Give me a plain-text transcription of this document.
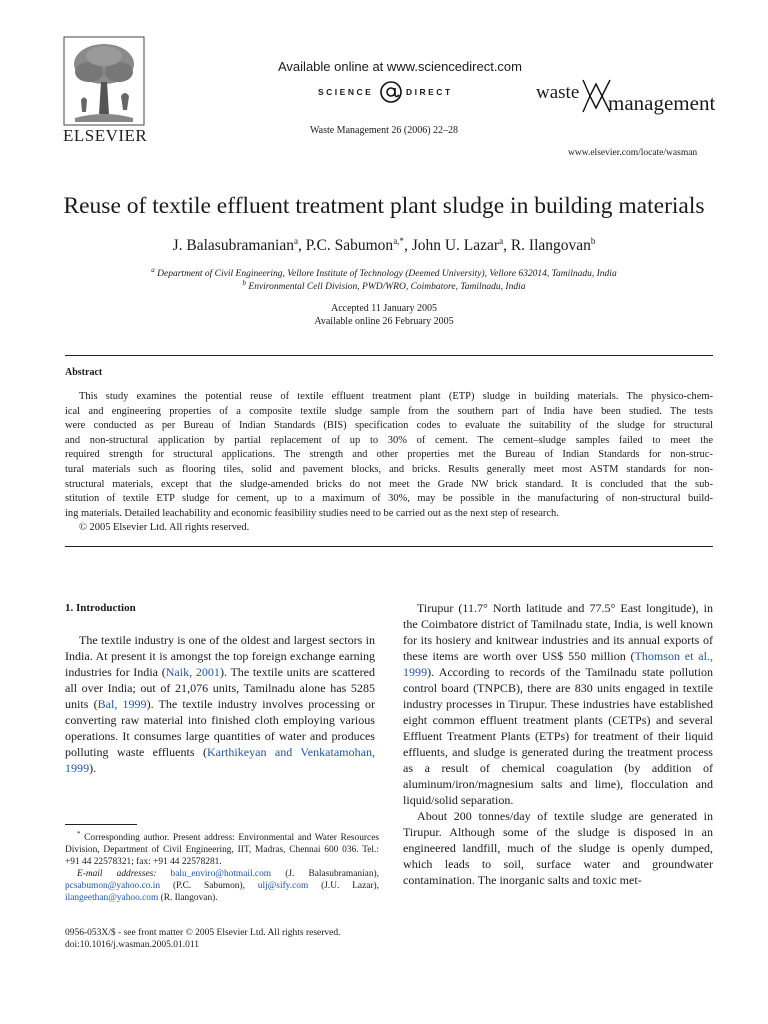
ELSEVIER
Available online at www.sciencedirect.com
SCIENCE	DIRECT
Waste Management 26 (2006) 22–28
waste management
www.elsevier.com/locate/wasman
Reuse of textile effluent treatment plant sludge in building materials
J. Balasubramanian$^a$, P.C. Sabumon$^{a,*}$, John U. Lazar$^a$, R. Ilangovan$^b$
$^a$ Department of Civil Engineering, Vellore Institute of Technology (Deemed University), Vellore 632014, Tamilnadu, India
$^b$ Environmental Cell Division, PWD/WRO, Coimbatore, Tamilnadu, India
Accepted 11 January 2005
Available online 26 February 2005
Abstract
This study examines the potential reuse of textile effluent treatment plant (ETP) sludge in building materials. The physico-chem-
ical and engineering properties of a composite textile sludge sample from the southern part of India have been studied. The tests
were conducted as per Bureau of Indian Standards (BIS) specification codes to evaluate the suitability of the sludge for structural
and non-structural application by partial replacement of up to 30% of cement. The cement–sludge samples failed to meet the
required strength for structural applications. The strength and other properties met the Bureau of Indian Standards for non-struc-
tural materials such as flooring tiles, solid and pavement blocks, and bricks. Results generally meet most ASTM standards for non-
structural materials, except that the sludge-amended bricks do not meet the Grade NW brick standard. It is concluded that the sub-
stitution of textile ETP sludge for cement, up to a maximum of 30%, may be possible in the manufacturing of non-structural build-
ing materials. Detailed leachability and economic feasibility studies need to be carried out as the next step of research.
© 2005 Elsevier Ltd. All rights reserved.
1. Introduction

The textile industry is one of the oldest and largest sectors in India. At present it is amongst the top foreign exchange earning industries for India (Naik, 2001). The textile units are scattered all over India; out of 21,076 units, Tamilnadu alone has 5285 units (Bal, 1999). The textile industry involves processing or converting raw material into finished cloth employing various operations. It consumes large quantities of water and produces polluting waste effluents (Karthikeyan and Venkatamohan, 1999).

* Corresponding author. Present address: Environmental and Water Resources Division, Department of Civil Engineering, IIT, Madras, Chennai 600 036. Tel.: +91 44 22578321; fax: +91 44 22578281.
E-mail addresses: balu_enviro@hotmail.com (J. Balasubramanian), pcsabumon@yahoo.co.in (P.C. Sabumon), ulj@sify.com (J.U. Lazar), ilangeethan@yahoo.com (R. Ilangovan).
0956-053X/$ - see front matter © 2005 Elsevier Ltd. All rights reserved.
doi:10.1016/j.wasman.2005.01.011

Tirupur (11.7° North latitude and 77.5° East longitude), in the Coimbatore district of Tamilnadu state, India, is well known for its hosiery and knitwear industries and its annual exports of these items are worth over US$ 550 million (Thomson et al., 1999). According to records of the Tamilnadu state pollution control board (TNPCB), there are 830 units engaged in textile industry processes in Tirupur. These industries have established eight common effluent treatment plants (CETPs) and several Effluent Treatment Plants (ETPs) for treatment of their liquid effluents, and sludge is generated during the treatment process as a result of chemical coagulation (by addition of aluminum/iron/magnesium salts and lime), flocculation and liquid/solid separation.

About 200 tonnes/day of textile sludge are generated in Tirupur. Although some of the sludge is disposed in an engineered landfill, much of the sludge is openly dumped, which leads to soil, surface water and groundwater contamination. The inorganic salts and toxic met-
